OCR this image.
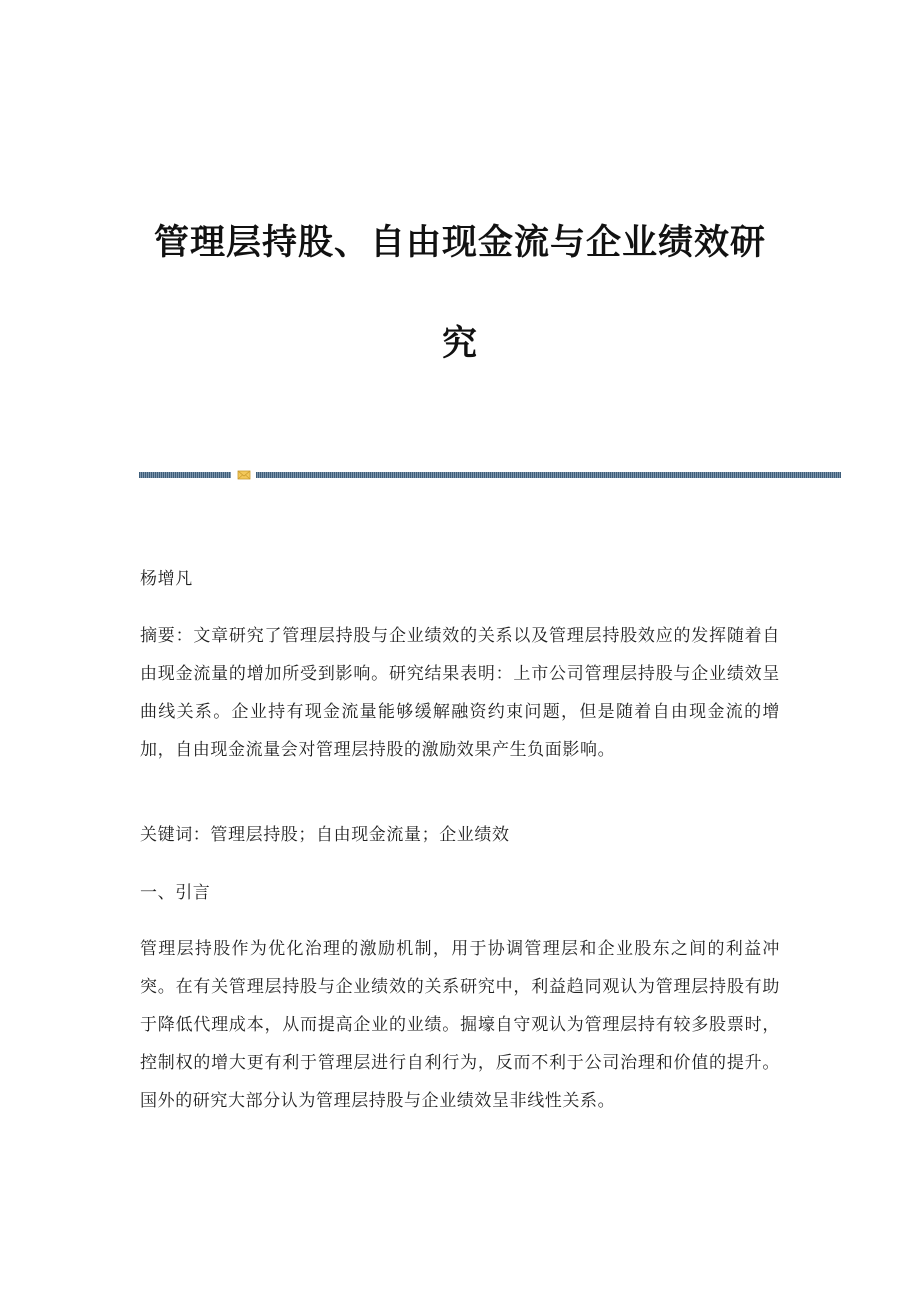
管理层持股、自由现金流与企业绩效研
究

杨增凡

摘要：文章研究了管理层持股与企业绩效的关系以及管理层持股效应的发挥随着自由现金流量的增加所受到影响。研究结果表明：上市公司管理层持股与企业绩效呈曲线关系。企业持有现金流量能够缓解融资约束问题，但是随着自由现金流的增加，自由现金流量会对管理层持股的激励效果产生负面影响。

关键词：管理层持股；自由现金流量；企业绩效

一、引言

管理层持股作为优化治理的激励机制，用于协调管理层和企业股东之间的利益冲突。在有关管理层持股与企业绩效的关系研究中，利益趋同观认为管理层持股有助于降低代理成本，从而提高企业的业绩。掘壕自守观认为管理层持有较多股票时，控制权的增大更有利于管理层进行自利行为，反而不利于公司治理和价值的提升。国外的研究大部分认为管理层持股与企业绩效呈非线性关系。
